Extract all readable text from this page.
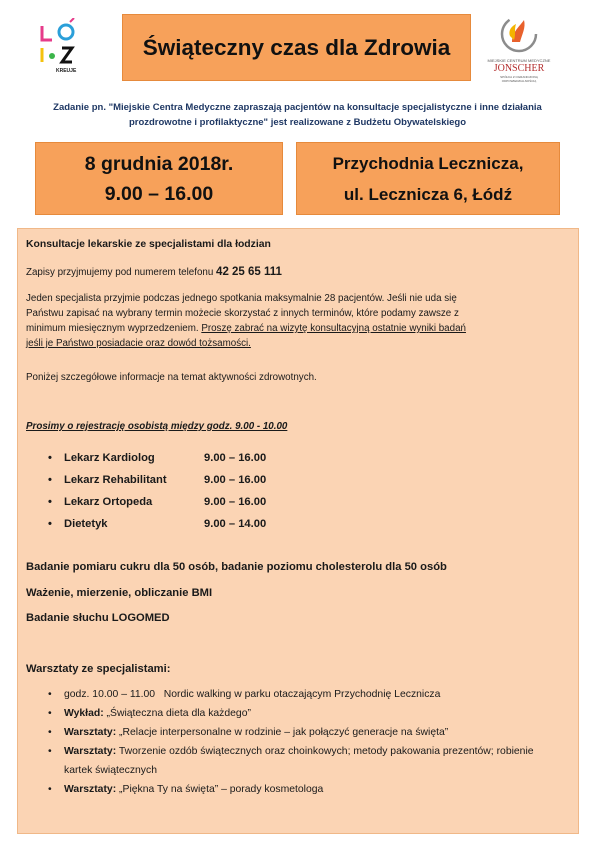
KREUJE
Świąteczny czas dla Zdrowia
MIEJSKIE CENTRUM MEDYCZNE
JONSCHER
SPÓŁKA Z OGRANICZONĄ ODPOWIEDZIALNOŚCIĄ
Zadanie pn. "Miejskie Centra Medyczne zapraszają pacjentów na konsultacje specjalistyczne i inne działania
prozdrowotne i profilaktyczne" jest realizowane z Budżetu Obywatelskiego
8 grudnia 2018r.
9.00 – 16.00
Przychodnia Lecznicza,
ul. Lecznicza 6, Łódź
Konsultacje lekarskie ze specjalistami dla łodzian
Zapisy przyjmujemy pod numerem telefonu 42 25 65 111
Jeden specjalista przyjmie podczas jednego spotkania maksymalnie 28 pacjentów. Jeśli nie uda się
Państwu zapisać na wybrany termin możecie skorzystać z innych terminów, które podamy zawsze z
minimum miesięcznym wyprzedzeniem. Proszę zabrać na wizytę konsultacyjną ostatnie wyniki badań
jeśli je Państwo posiadacie oraz dowód tożsamości.
Poniżej szczegółowe informacje na temat aktywności zdrowotnych.
Prosimy o rejestrację osobistą między godz. 9.00 - 10.00
• Lekarz Kardiolog	9.00 – 16.00
• Lekarz Rehabilitant	9.00 – 16.00
• Lekarz Ortopeda	9.00 – 16.00
• Dietetyk	9.00 – 14.00
Badanie pomiaru cukru dla 50 osób, badanie poziomu cholesterolu dla 50 osób
Ważenie, mierzenie, obliczanie BMI
Badanie słuchu LOGOMED
Warsztaty ze specjalistami:
• godz. 10.00 – 11.00 Nordic walking w parku otaczającym Przychodnię Lecznicza
• Wykład: „Świąteczna dieta dla każdego”
• Warsztaty: „Relacje interpersonalne w rodzinie – jak połączyć generacje na święta”
• Warsztaty: Tworzenie ozdób świątecznych oraz choinkowych; metody pakowania prezentów; robienie kartek świątecznych
• Warsztaty: „Piękna Ty na święta” – porady kosmetologa
